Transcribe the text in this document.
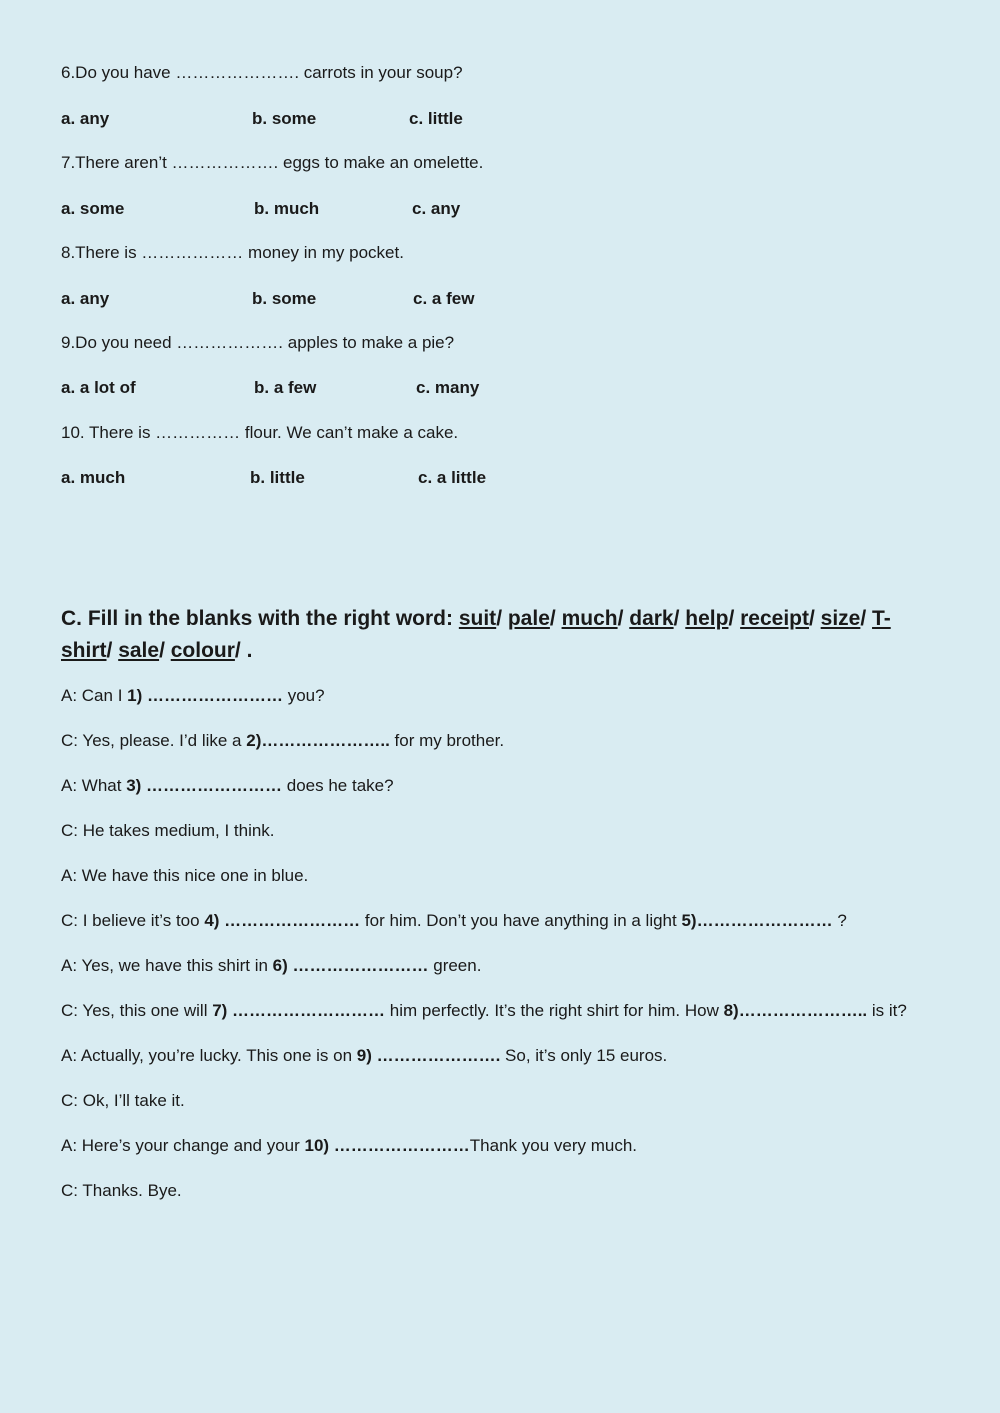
6.Do you have …………………. carrots in your soup?
a. any	b. some	c. little
7.There aren’t ………………. eggs to make an omelette.
a. some	b. much	c. any
8.There is ……………… money in my pocket.
a. any	b. some	c. a few
9.Do you need ………………. apples to make a pie?
a. a lot of	b. a few	c. many
10. There is …………… flour. We can’t make a cake.
a. much	b. little	c. a little
C. Fill in the blanks with the right word: suit/ pale/ much/ dark/ help/ receipt/ size/ T-shirt/ sale/ colour/ .
A: Can I 1) …………………… you?
C: Yes, please. I’d like a 2)………………….. for my brother.
A: What 3) …………………… does he take?
C: He takes medium, I think.
A: We have this nice one in blue.
C: I believe it’s too 4) …………………… for him. Don’t you have anything in a light 5)…………………… ?
A: Yes, we have this shirt in 6) …………………… green.
C: Yes, this one will 7) ……………………… him perfectly. It’s the right shirt for him. How 8)………………….. is it?
A: Actually, you’re lucky. This one is on 9) …………………. So, it’s only 15 euros.
C: Ok, I’ll take it.
A: Here’s your change and your 10) ……………………Thank you very much.
C: Thanks. Bye.
